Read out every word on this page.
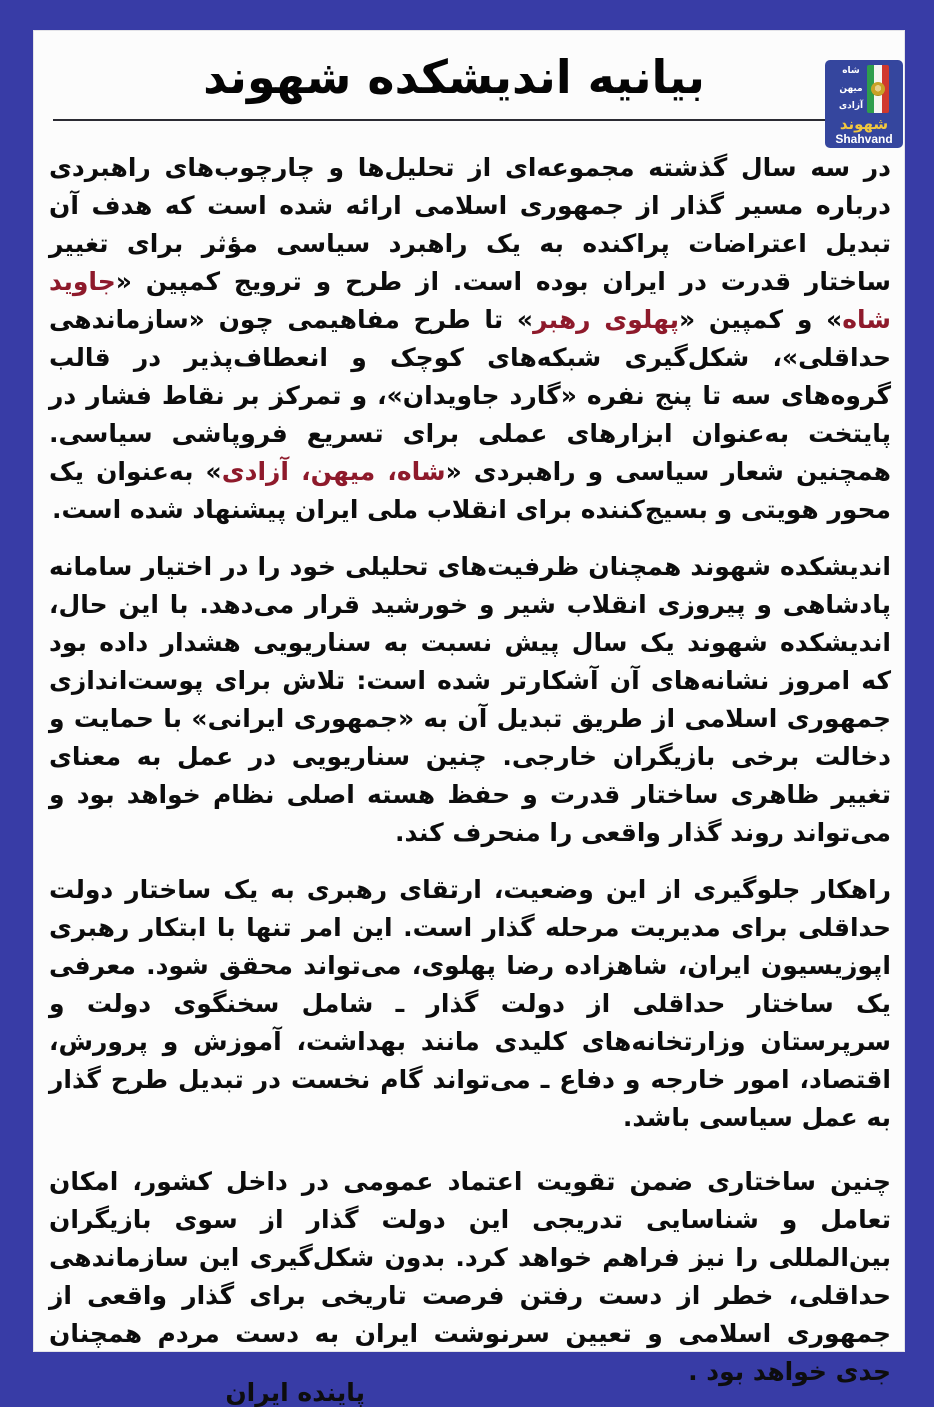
بیانیه اندیشکده شهوند	شاه
میهن
آزادی
شهوند
Shahvand

در سه سال گذشته مجموعه‌ای از تحلیل‌ها و چارچوب‌های راهبردی درباره مسیر گذار از جمهوری اسلامی ارائه شده است که هدف آن تبدیل اعتراضات پراکنده به یک راهبرد سیاسی مؤثر برای تغییر ساختار قدرت در ایران بوده است. از طرح و ترویج کمپین «جاوید شاه» و کمپین «پهلوی رهبر» تا طرح مفاهیمی چون «سازماندهی حداقلی»، شکل‌گیری شبکه‌های کوچک و انعطاف‌پذیر در قالب گروه‌های سه تا پنج نفره «گارد جاویدان»، و تمرکز بر نقاط فشار در پایتخت به‌عنوان ابزارهای عملی برای تسریع فروپاشی سیاسی. همچنین شعار سیاسی و راهبردی «شاه، میهن، آزادی» به‌عنوان یک محور هویتی و بسیج‌کننده برای انقلاب ملی ایران پیشنهاد شده است.

اندیشکده شهوند همچنان ظرفیت‌های تحلیلی خود را در اختیار سامانه پادشاهی و پیروزی انقلاب شیر و خورشید قرار می‌دهد. با این حال، اندیشکده شهوند یک سال پیش نسبت به سناریویی هشدار داده بود که امروز نشانه‌های آن آشکارتر شده است: تلاش برای پوست‌اندازی جمهوری اسلامی از طریق تبدیل آن به «جمهوری ایرانی» با حمایت و دخالت برخی بازیگران خارجی. چنین سناریویی در عمل به معنای تغییر ظاهری ساختار قدرت و حفظ هسته اصلی نظام خواهد بود و می‌تواند روند گذار واقعی را منحرف کند.

راهکار جلوگیری از این وضعیت، ارتقای رهبری به یک ساختار دولت حداقلی برای مدیریت مرحله گذار است. این امر تنها با ابتکار رهبری اپوزیسیون ایران، شاهزاده رضا پهلوی، می‌تواند محقق شود. معرفی یک ساختار حداقلی از دولت گذار ـ شامل سخنگوی دولت و سرپرستان وزارتخانه‌های کلیدی مانند بهداشت، آموزش و پرورش، اقتصاد، امور خارجه و دفاع ـ می‌تواند گام نخست در تبدیل طرح گذار به عمل سیاسی باشد.

چنین ساختاری ضمن تقویت اعتماد عمومی در داخل کشور، امکان تعامل و شناسایی تدریجی این دولت گذار از سوی بازیگران بین‌المللی را نیز فراهم خواهد کرد. بدون شکل‌گیری این سازماندهی حداقلی، خطر از دست رفتن فرصت تاریخی برای گذار واقعی از جمهوری اسلامی و تعیین سرنوشت ایران به دست مردم همچنان جدی خواهد بود .

پاینده ایران
